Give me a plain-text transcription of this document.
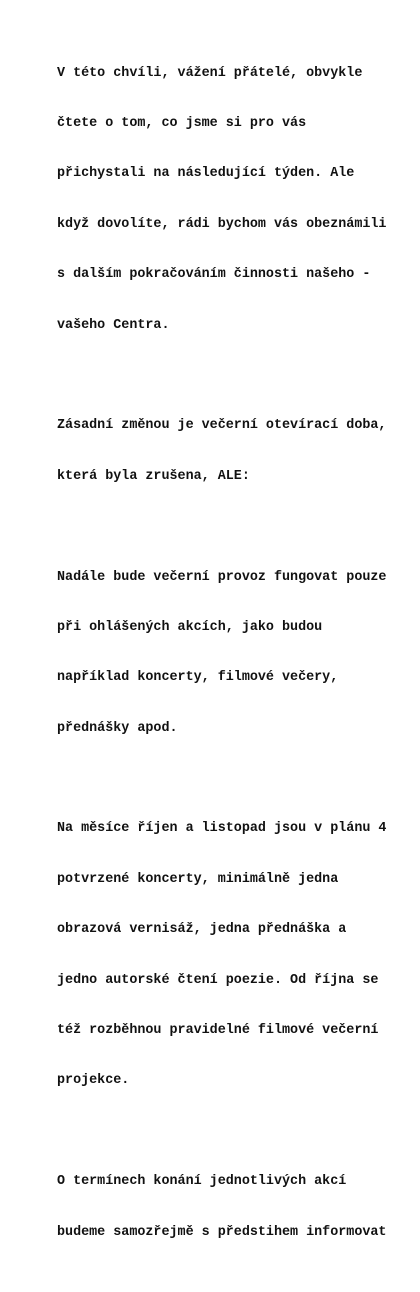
V této chvíli, vážení přátelé, obvykle

čtete o tom, co jsme si pro vás

přichystali na následující týden. Ale

když dovolíte, rádi bychom vás obeznámili

s dalším pokračováním činnosti našeho -

vašeho Centra.

Zásadní změnou je večerní otevírací doba,

která byla zrušena, ALE:

Nadále bude večerní provoz fungovat pouze

při ohlášených akcích, jako budou

například koncerty, filmové večery,

přednášky apod.

Na měsíce říjen a listopad jsou v plánu 4

potvrzené koncerty, minimálně jedna

obrazová vernisáž, jedna přednáška a

jedno autorské čtení poezie. Od října se

též rozběhnou pravidelné filmové večerní

projekce.

O termínech konání jednotlivých akcí

budeme samozřejmě s předstihem informovat
